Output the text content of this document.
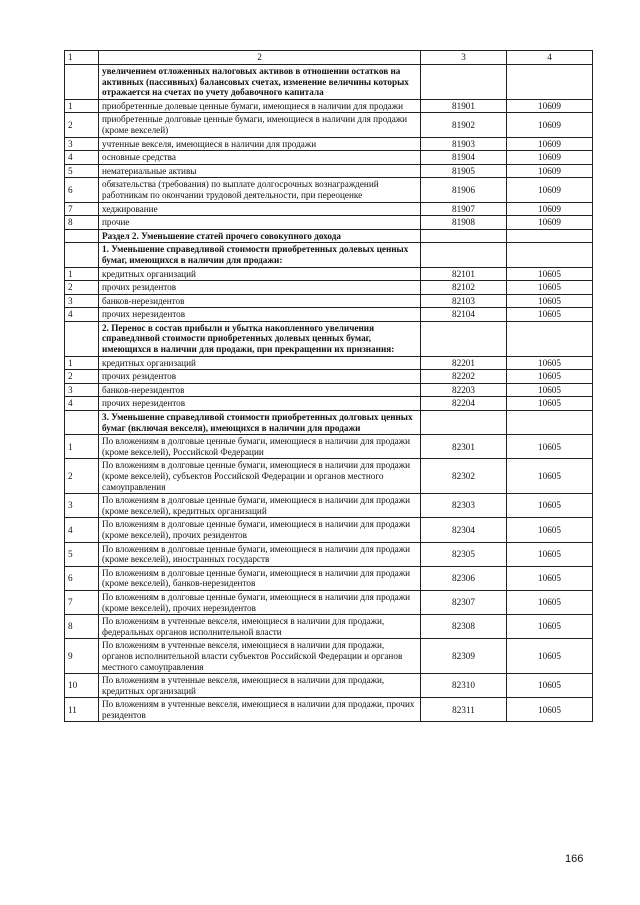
1	2	3	4
	увеличением отложенных налоговых активов в отношении остатков на активных (пассивных) балансовых счетах, изменение величины которых отражается на счетах по учету добавочного капитала		
1	приобретенные долевые ценные бумаги, имеющиеся в наличии для продажи	81901	10609
2	приобретенные долговые ценные бумаги, имеющиеся в наличии для продажи (кроме векселей)	81902	10609
3	учтенные векселя, имеющиеся в наличии для продажи	81903	10609
4	основные средства	81904	10609
5	нематериальные активы	81905	10609
6	обязательства (требования) по выплате долгосрочных вознаграждений работникам по окончании трудовой деятельности, при переоценке	81906	10609
7	хеджирование	81907	10609
8	прочие	81908	10609
	Раздел 2. Уменьшение статей прочего совокупного дохода		
	1. Уменьшение справедливой стоимости приобретенных долевых ценных бумаг, имеющихся в наличии для продажи:		
1	кредитных организаций	82101	10605
2	прочих резидентов	82102	10605
3	банков-нерезидентов	82103	10605
4	прочих нерезидентов	82104	10605
	2. Перенос в состав прибыли и убытка накопленного увеличения справедливой стоимости приобретенных долевых ценных бумаг, имеющихся в наличии для продажи, при прекращении их признания:		
1	кредитных организаций	82201	10605
2	прочих резидентов	82202	10605
3	банков-нерезидентов	82203	10605
4	прочих нерезидентов	82204	10605
	3. Уменьшение справедливой стоимости приобретенных долговых ценных бумаг (включая векселя), имеющихся в наличии для продажи		
1	По вложениям в долговые ценные бумаги, имеющиеся в наличии для продажи (кроме векселей), Российской Федерации	82301	10605
2	По вложениям в долговые ценные бумаги, имеющиеся в наличии для продажи (кроме векселей), субъектов Российской Федерации и органов местного самоуправления	82302	10605
3	По вложениям в долговые ценные бумаги, имеющиеся в наличии для продажи (кроме векселей), кредитных организаций	82303	10605
4	По вложениям в долговые ценные бумаги, имеющиеся в наличии для продажи (кроме векселей), прочих резидентов	82304	10605
5	По вложениям в долговые ценные бумаги, имеющиеся в наличии для продажи (кроме векселей), иностранных государств	82305	10605
6	По вложениям в долговые ценные бумаги, имеющиеся в наличии для продажи (кроме векселей), банков-нерезидентов	82306	10605
7	По вложениям в долговые ценные бумаги, имеющиеся в наличии для продажи (кроме векселей), прочих нерезидентов	82307	10605
8	По вложениям в учтенные векселя, имеющиеся в наличии для продажи, федеральных органов исполнительной власти	82308	10605
9	По вложениям в учтенные векселя, имеющиеся в наличии для продажи, органов исполнительной власти субъектов Российской Федерации и органов местного самоуправления	82309	10605
10	По вложениям в учтенные векселя, имеющиеся в наличии для продажи, кредитных организаций	82310	10605
11	По вложениям в учтенные векселя, имеющиеся в наличии для продажи, прочих резидентов	82311	10605
166
